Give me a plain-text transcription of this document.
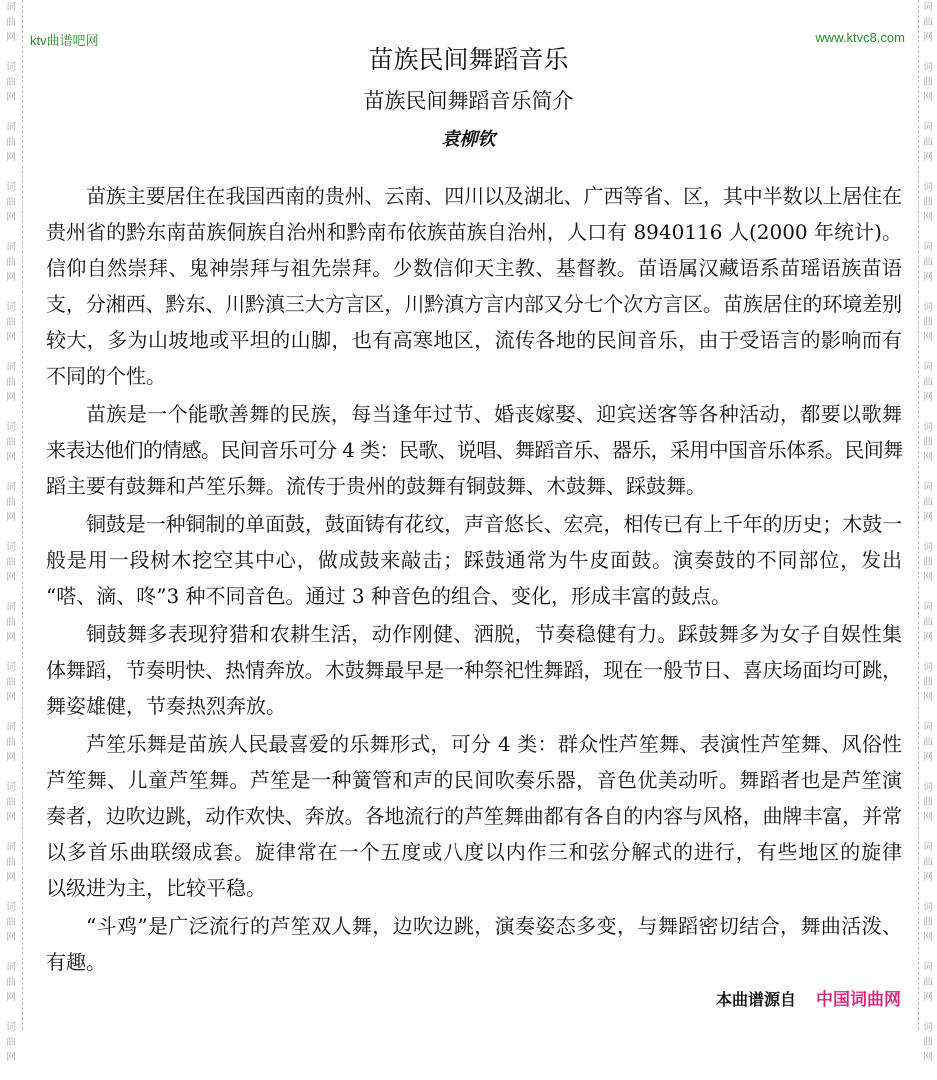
词
曲
网
词
曲
网
词
曲
网
词
曲
网
词
曲
网
词
曲
网
词
曲
网
词
曲
网
词
曲
网
词
曲
网
词
曲
网
词
曲
网
词
曲
网
词
曲
网
词
曲
网
词
曲
网
词
曲
网
词
曲
网
词
曲
网
词
曲
网
词
曲
网
词
曲
网
词
曲
网
词
曲
网
词
曲
网
词
曲
网
词
曲
网
词
曲
网
词
曲
网
词
曲
网
词
曲
网
词
曲
网
词
曲
网
词
曲
网
词
曲
网
词
曲
网
ktv曲谱吧网	www.ktvc8.com
苗族民间舞蹈音乐
苗族民间舞蹈音乐简介
袁柳钦
苗族主要居住在我国西南的贵州、云南、四川以及湖北、广西等省、区，其中半数以上居住在
贵州省的黔东南苗族侗族自治州和黔南布依族苗族自治州，人口有 8940116 人(2000 年统计)。
信仰自然崇拜、鬼神崇拜与祖先崇拜。少数信仰天主教、基督教。苗语属汉藏语系苗瑶语族苗语
支，分湘西、黔东、川黔滇三大方言区，川黔滇方言内部又分七个次方言区。苗族居住的环境差别
较大，多为山坡地或平坦的山脚，也有高寒地区，流传各地的民间音乐，由于受语言的影响而有
不同的个性。
苗族是一个能歌善舞的民族，每当逢年过节、婚丧嫁娶、迎宾送客等各种活动，都要以歌舞
来表达他们的情感。民间音乐可分 4 类：民歌、说唱、舞蹈音乐、器乐，采用中国音乐体系。民间舞
蹈主要有鼓舞和芦笙乐舞。流传于贵州的鼓舞有铜鼓舞、木鼓舞、踩鼓舞。
铜鼓是一种铜制的单面鼓，鼓面铸有花纹，声音悠长、宏亮，相传已有上千年的历史；木鼓一
般是用一段树木挖空其中心，做成鼓来敲击；踩鼓通常为牛皮面鼓。演奏鼓的不同部位，发出
“嗒、滴、咚”3 种不同音色。通过 3 种音色的组合、变化，形成丰富的鼓点。
铜鼓舞多表现狩猎和农耕生活，动作刚健、洒脱，节奏稳健有力。踩鼓舞多为女子自娱性集
体舞蹈，节奏明快、热情奔放。木鼓舞最早是一种祭祀性舞蹈，现在一般节日、喜庆场面均可跳，
舞姿雄健，节奏热烈奔放。
芦笙乐舞是苗族人民最喜爱的乐舞形式，可分 4 类：群众性芦笙舞、表演性芦笙舞、风俗性
芦笙舞、儿童芦笙舞。芦笙是一种簧管和声的民间吹奏乐器，音色优美动听。舞蹈者也是芦笙演
奏者，边吹边跳，动作欢快、奔放。各地流行的芦笙舞曲都有各自的内容与风格，曲牌丰富，并常
以多首乐曲联缀成套。旋律常在一个五度或八度以内作三和弦分解式的进行，有些地区的旋律
以级进为主，比较平稳。
“斗鸡”是广泛流行的芦笙双人舞，边吹边跳，演奏姿态多变，与舞蹈密切结合，舞曲活泼、
有趣。
本曲谱源自 中国词曲网
